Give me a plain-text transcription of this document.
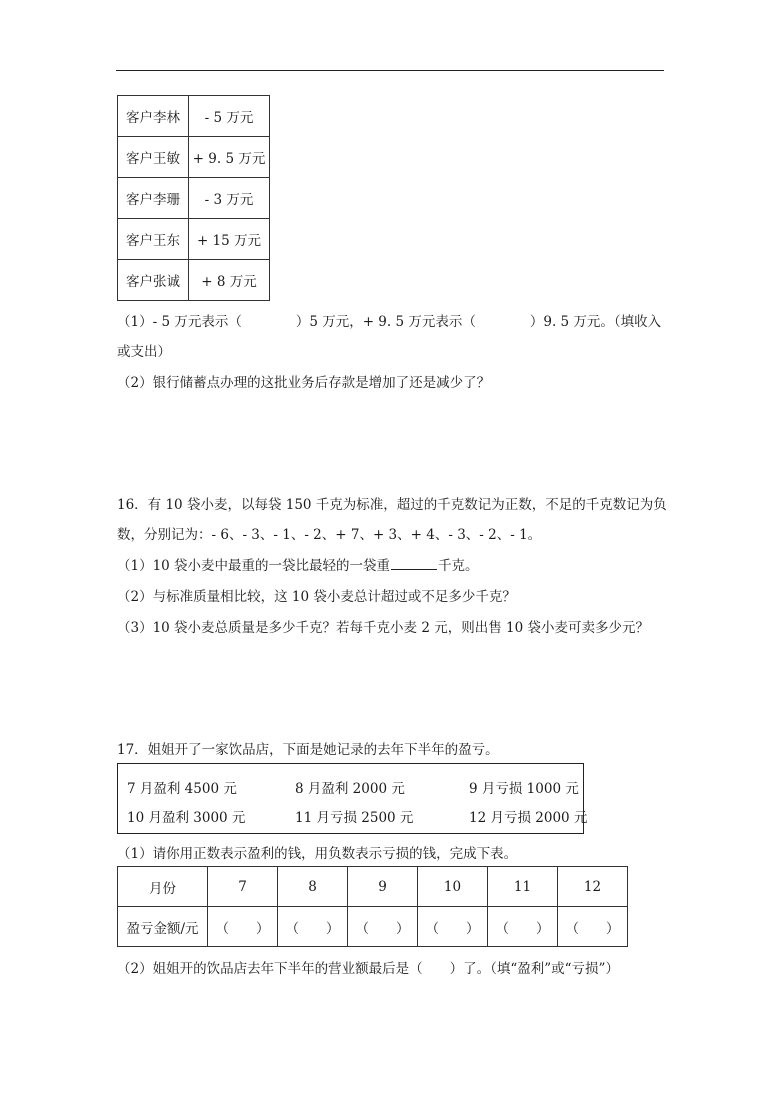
客户李林	- 5 万元
客户王敏	+ 9. 5 万元
客户李珊	- 3 万元
客户王东	+ 15 万元
客户张诚	+ 8 万元
（1）- 5 万元表示（　　　　）5 万元，+ 9. 5 万元表示（　　　　）9. 5 万元。（填收入
或支出）
（2）银行储蓄点办理的这批业务后存款是增加了还是减少了？
16．有 10 袋小麦，以每袋 150 千克为标准，超过的千克数记为正数，不足的千克数记为负
数，分别记为：- 6、- 3、- 1、- 2、+ 7、+ 3、+ 4、- 3、- 2、- 1。
（1）10 袋小麦中最重的一袋比最轻的一袋重	千克。
（2）与标准质量相比较，这 10 袋小麦总计超过或不足多少千克？
（3）10 袋小麦总质量是多少千克？若每千克小麦 2 元，则出售 10 袋小麦可卖多少元？
17．姐姐开了一家饮品店，下面是她记录的去年下半年的盈亏。
7 月盈利 4500 元	8 月盈利 2000 元	9 月亏损 1000 元
10 月盈利 3000 元	11 月亏损 2500 元	12 月亏损 2000 元
（1）请你用正数表示盈利的钱，用负数表示亏损的钱，完成下表。
月份	7	8	9	10	11	12
盈亏金额/元	（　　）	（　　）	（　　）	（　　）	（　　）	（　　）
（2）姐姐开的饮品店去年下半年的营业额最后是（　　）了。（填“盈利”或“亏损”）
